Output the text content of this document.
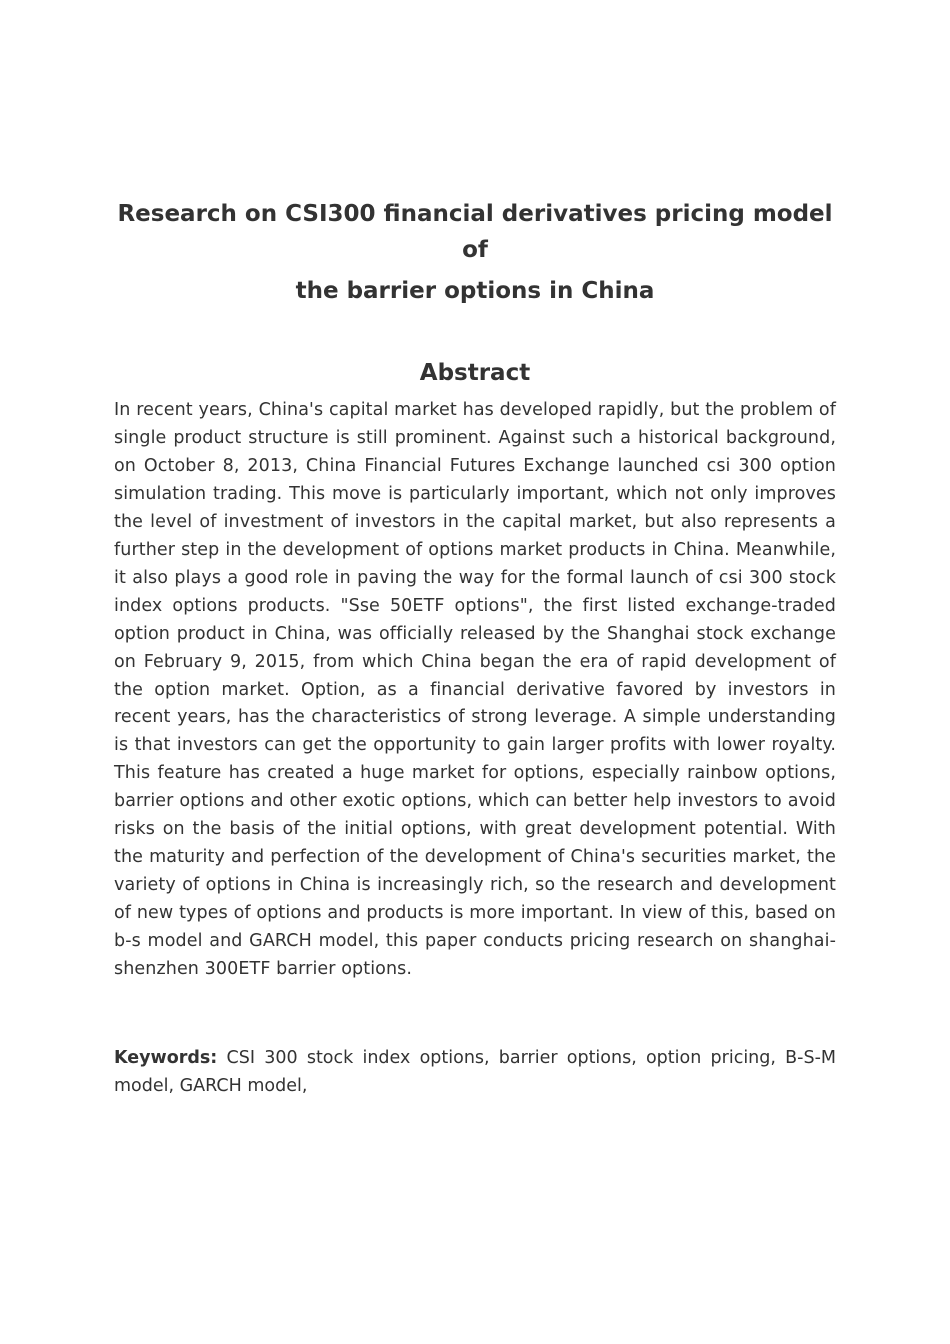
Research on CSI300 financial derivatives pricing model of
the barrier options in China
Abstract

In recent years, China's capital market has developed rapidly, but the problem of single product structure is still prominent. Against such a historical background, on October 8, 2013, China Financial Futures Exchange launched csi 300 option simulation trading. This move is particularly important, which not only improves the level of investment of investors in the capital market, but also represents a further step in the development of options market products in China. Meanwhile, it also plays a good role in paving the way for the formal launch of csi 300 stock index options products. "Sse 50ETF options", the first listed exchange-traded option product in China, was officially released by the Shanghai stock exchange on February 9, 2015, from which China began the era of rapid development of the option market. Option, as a financial derivative favored by investors in recent years, has the characteristics of strong leverage. A simple understanding is that investors can get the opportunity to gain larger profits with lower royalty. This feature has created a huge market for options, especially rainbow options, barrier options and other exotic options, which can better help investors to avoid risks on the basis of the initial options, with great development potential. With the maturity and perfection of the development of China's securities market, the variety of options in China is increasingly rich, so the research and development of new types of options and products is more important. In view of this, based on b-s model and GARCH model, this paper conducts pricing research on shanghai-shenzhen 300ETF barrier options.

Keywords: CSI 300 stock index options, barrier options, option pricing, B-S-M model, GARCH model,
